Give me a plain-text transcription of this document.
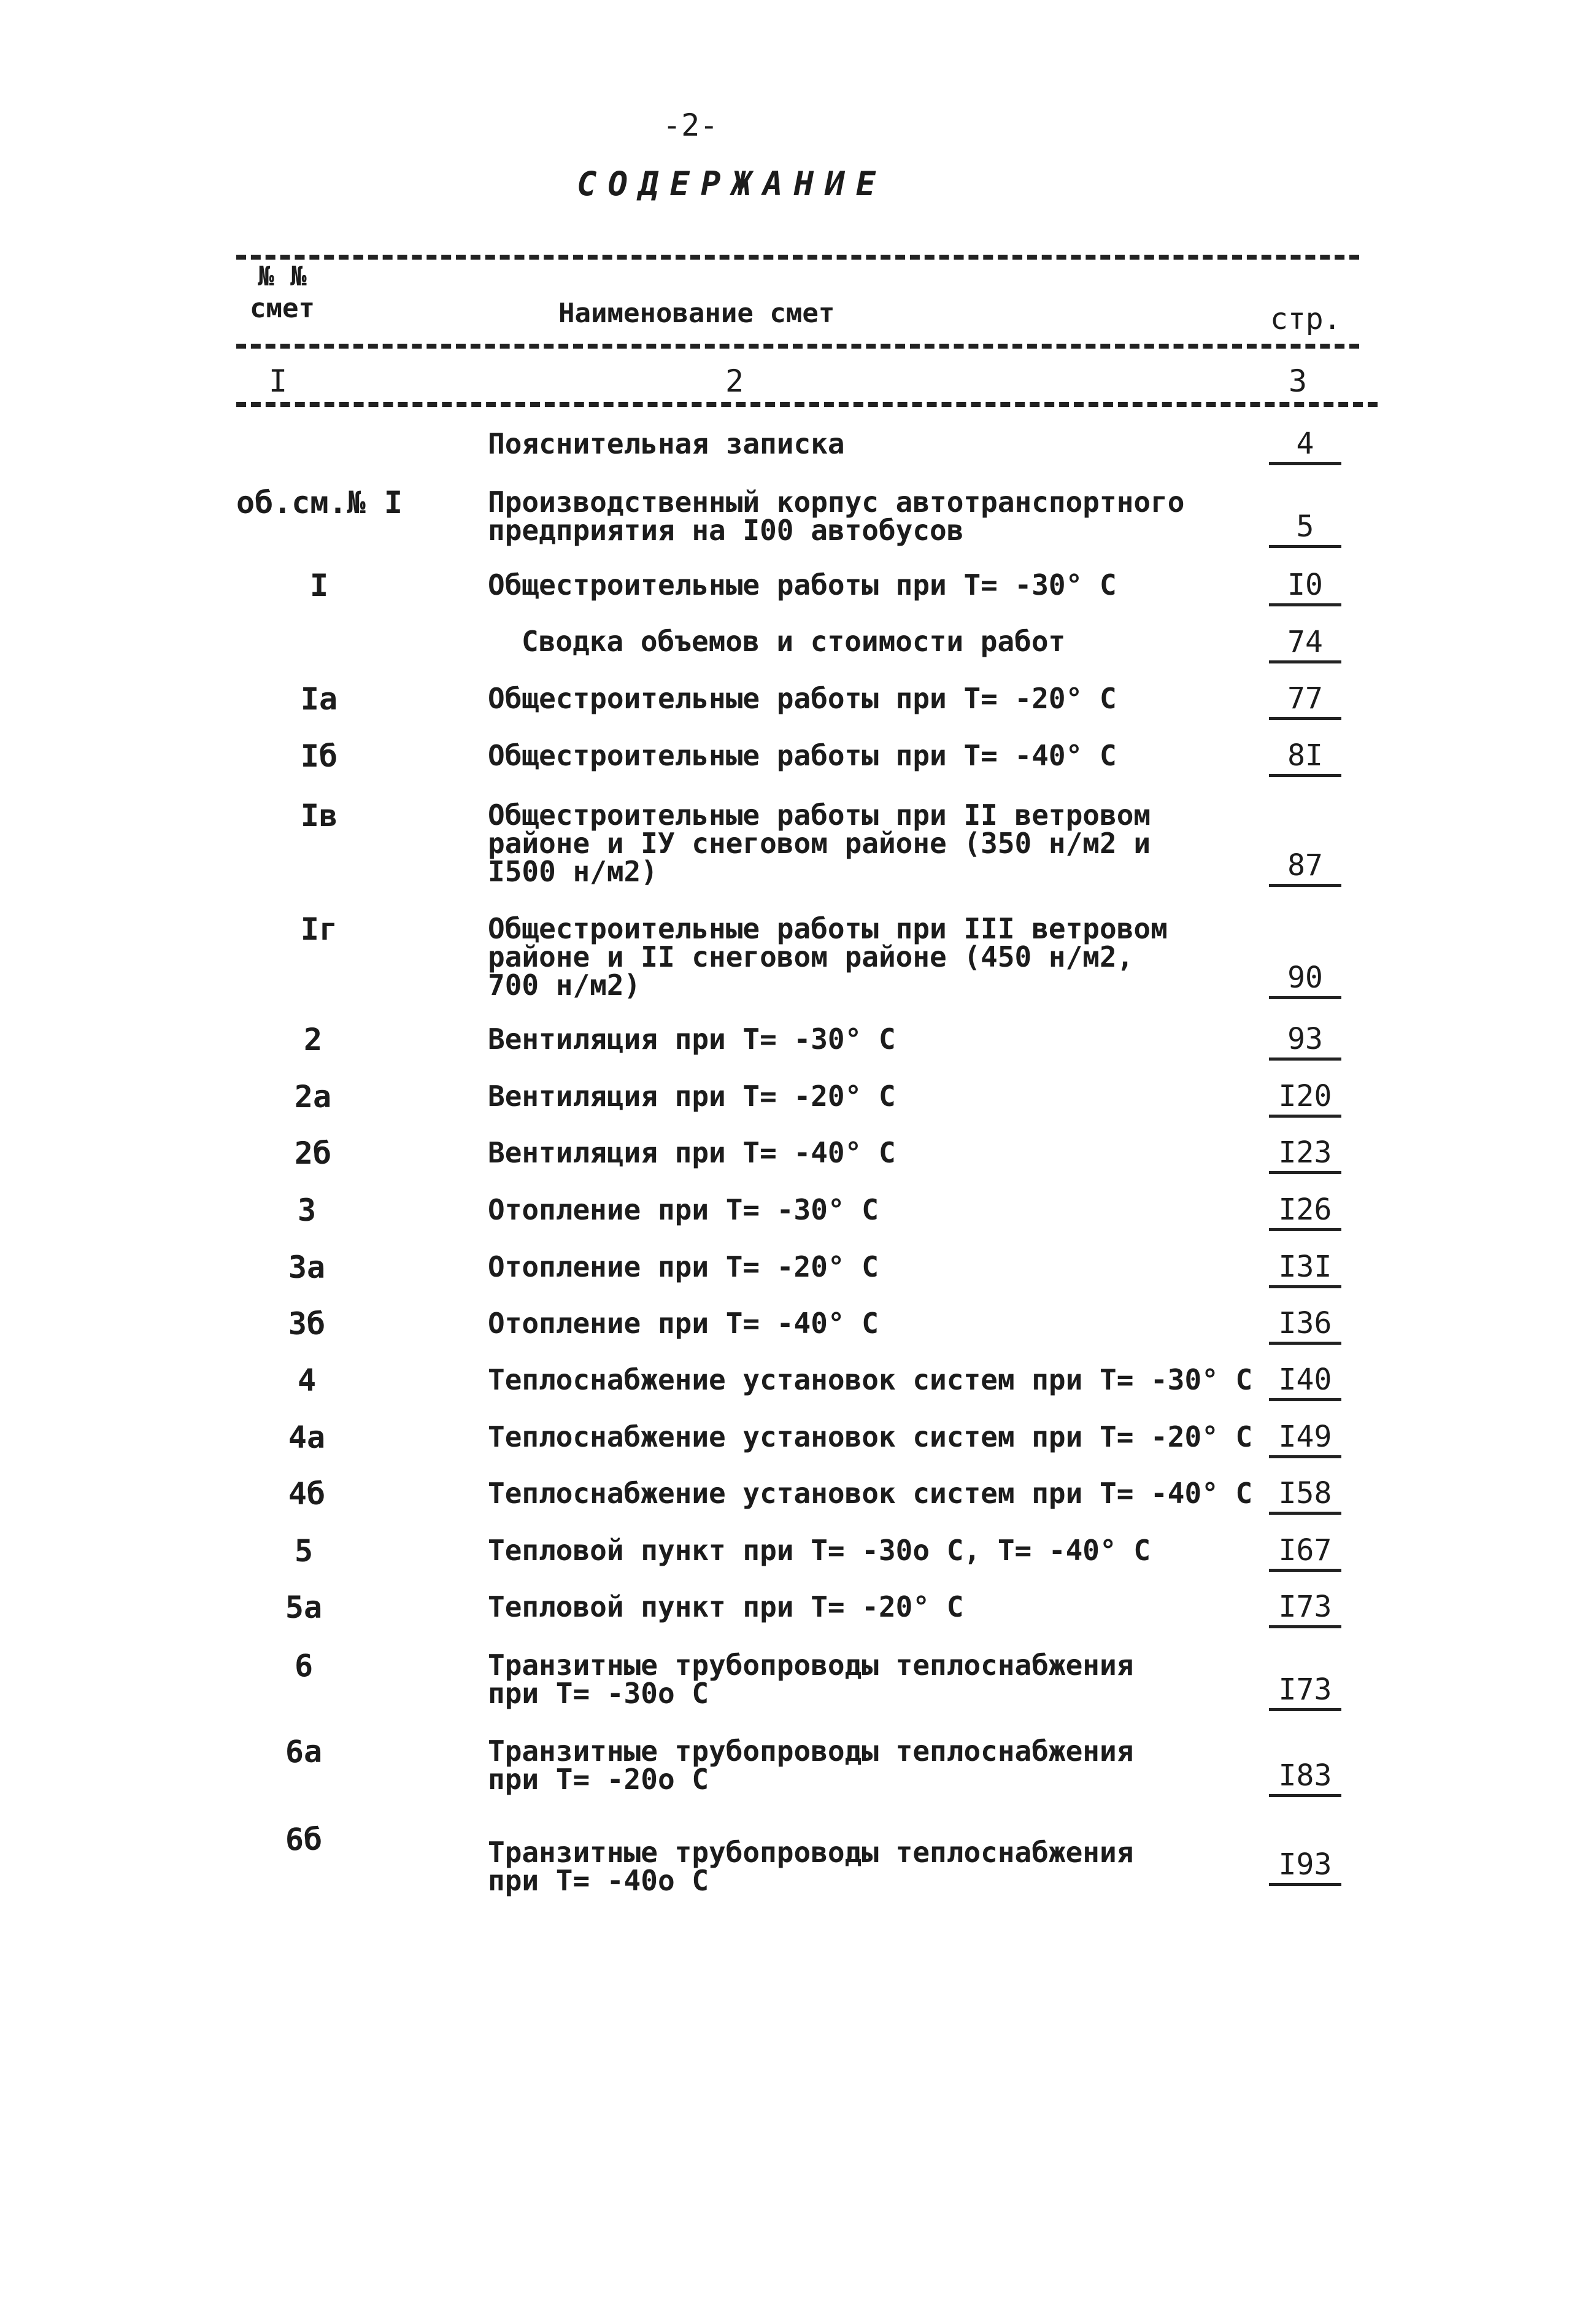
-2-
СОДЕРЖАНИЕ
№ №
смет	Наименование смет	стр.
I	2	3
Пояснительная записка	4
об.см.№ I	Производственный корпус автотранспортного
предприятия на I00 автобусов	5
I	Общестроительные работы при Т= -30° С	I0
Сводка объемов и стоимости работ	74
Iа	Общестроительные работы при Т= -20° С	77
Iб	Общестроительные работы при Т= -40° С	8I
Iв	Общестроительные работы при II ветровом
районе и IУ снеговом районе (350 н/м2 и
I500 н/м2)	87
Iг	Общестроительные работы при III ветровом
районе и II снеговом районе (450 н/м2,
700 н/м2)	90
2	Вентиляция при Т= -30° С	93
2а	Вентиляция при Т= -20° С	I20
2б	Вентиляция при Т= -40° С	I23
3	Отопление при Т= -30° С	I26
3а	Отопление при Т= -20° С	I3I
3б	Отопление при Т= -40° С	I36
4	Теплоснабжение установок систем при Т= -30° С I40
4а	Теплоснабжение установок систем при Т= -20° С I49
4б	Теплоснабжение установок систем при Т= -40° С I58
5	Тепловой пункт при Т= -30о С, Т= -40° С	I67
5а	Тепловой пункт при Т= -20° С	I73
6	Транзитные трубопроводы теплоснабжения
при Т= -30о С	I73
6а	Транзитные трубопроводы теплоснабжения
при Т= -20о С	I83
6б	Транзитные трубопроводы теплоснабжения
при Т= -40о С	I93
